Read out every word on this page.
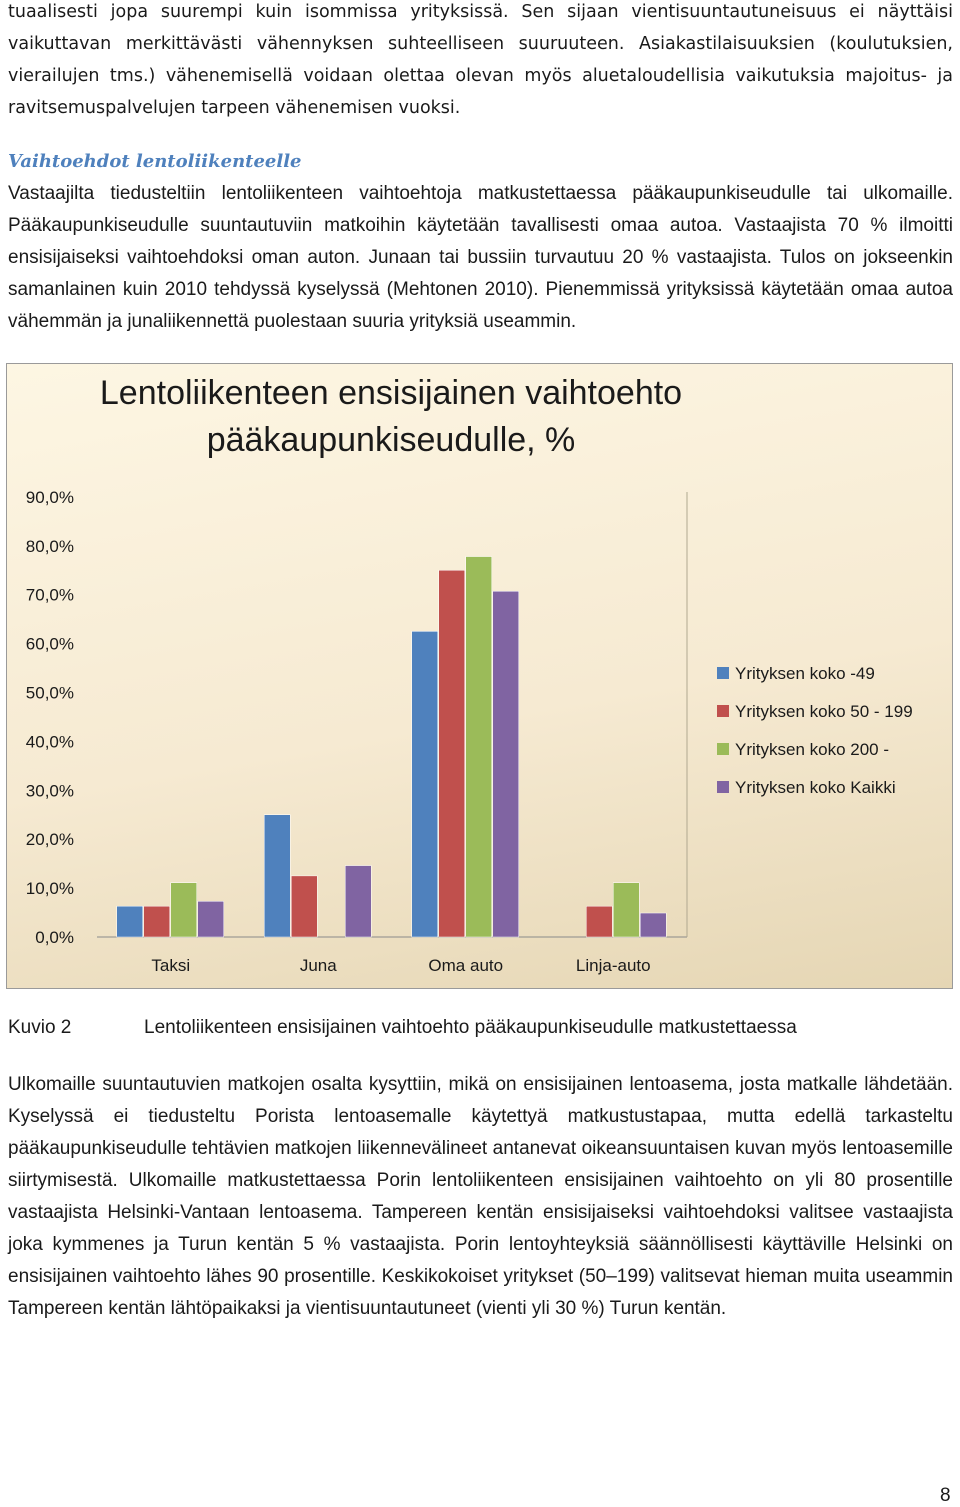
tuaalisesti jopa suurempi kuin isommissa yrityksissä. Sen sijaan vientisuuntautuneisuus ei näyttäisi vaikuttavan merkittävästi vähennyksen suhteelliseen suuruuteen. Asiakastilaisuuksien (koulutuksien, vierailujen tms.) vähenemisellä voidaan olettaa olevan myös aluetaloudellisia vaikutuksia majoitus- ja ravitsemuspalvelujen tarpeen vähenemisen vuoksi.

Vaihtoehdot lentoliikenteelle

Vastaajilta tiedusteltiin lentoliikenteen vaihtoehtoja matkustettaessa pääkaupunkiseudulle tai ulkomaille. Pääkaupunkiseudulle suuntautuviin matkoihin käytetään tavallisesti omaa autoa. Vastaajista 70 % ilmoitti ensisijaiseksi vaihtoehdoksi oman auton. Junaan tai bussiin turvautuu 20 % vastaajista. Tulos on jokseenkin samanlainen kuin 2010 tehdyssä kyselyssä (Mehtonen 2010). Pienemmissä yrityksissä käytetään omaa autoa vähemmän ja junaliikennettä puolestaan suuria yrityksiä useammin.

Lentoliikenteen ensisijainen vaihtoehto
pääkaupunkiseudulle, %
0,0%
10,0%
20,0%
30,0%
40,0%
50,0%
60,0%
70,0%
80,0%
90,0%
Taksi	Juna	Oma auto	Linja-auto
Yrityksen koko -49
Yrityksen koko 50 - 199
Yrityksen koko 200 -
Yrityksen koko Kaikki
Kuvio 2	Lentoliikenteen ensisijainen vaihtoehto pääkaupunkiseudulle matkustettaessa

Ulkomaille suuntautuvien matkojen osalta kysyttiin, mikä on ensisijainen lentoasema, josta matkalle lähdetään. Kyselyssä ei tiedusteltu Porista lentoasemalle käytettyä matkustustapaa, mutta edellä tarkasteltu pääkaupunkiseudulle tehtävien matkojen liikennevälineet antanevat oikeansuuntaisen kuvan myös lentoasemille siirtymisestä. Ulkomaille matkustettaessa Porin lentoliikenteen ensisijainen vaihtoehto on yli 80 prosentille vastaajista Helsinki-Vantaan lentoasema. Tampereen kentän ensisijaiseksi vaihtoehdoksi valitsee vastaajista joka kymmenes ja Turun kentän 5 % vastaajista. Porin lentoyhteyksiä säännöllisesti käyttäville Helsinki on ensisijainen vaihtoehto lähes 90 prosentille. Keskikokoiset yritykset (50–199) valitsevat hieman muita useammin Tampereen kentän lähtöpaikaksi ja vientisuuntautuneet (vienti yli 30 %) Turun kentän.

8
